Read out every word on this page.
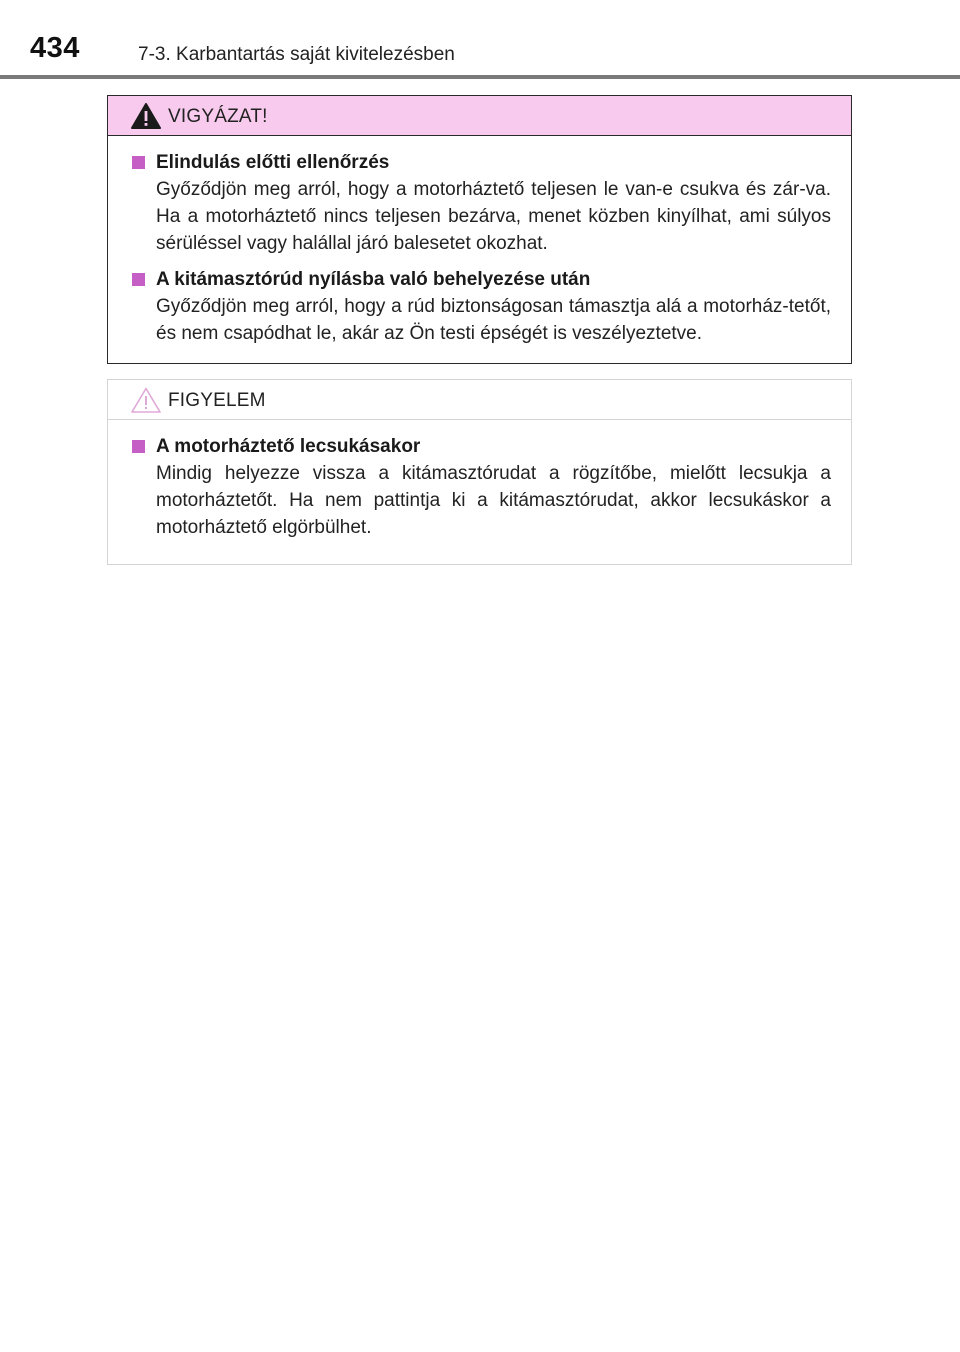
434	7-3. Karbantartás saját kivitelezésben
VIGYÁZAT!
Elindulás előtti ellenőrzés
Győződjön meg arról, hogy a motorháztető teljesen le van-e csukva és zár-va. Ha a motorháztető nincs teljesen bezárva, menet közben kinyílhat, ami súlyos sérüléssel vagy halállal járó balesetet okozhat.
A kitámasztórúd nyílásba való behelyezése után
Győződjön meg arról, hogy a rúd biztonságosan támasztja alá a motorház-tetőt, és nem csapódhat le, akár az Ön testi épségét is veszélyeztetve.
FIGYELEM
A motorháztető lecsukásakor
Mindig helyezze vissza a kitámasztórudat a rögzítőbe, mielőtt lecsukja a motorháztetőt. Ha nem pattintja ki a kitámasztórudat, akkor lecsukáskor a motorháztető elgörbülhet.
